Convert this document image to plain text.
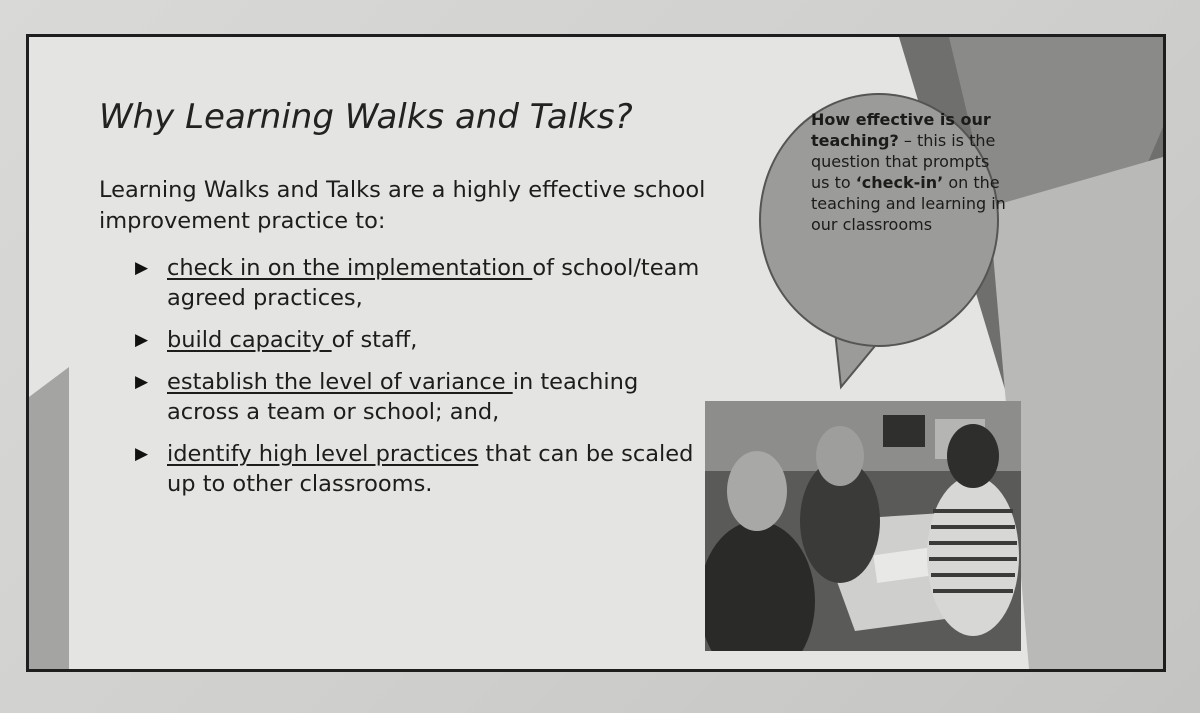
Why Learning Walks and Talks?

Learning Walks and Talks are a highly effective school improvement practice to:

▶ check in on the implementation of school/team agreed practices,
▶ build capacity of staff,
▶ establish the level of variance in teaching across a team or school; and,
▶ identify high level practices that can be scaled up to other classrooms.

How effective is our teaching? – this is the question that prompts us to ‘check-in’ on the teaching and learning in our classrooms
